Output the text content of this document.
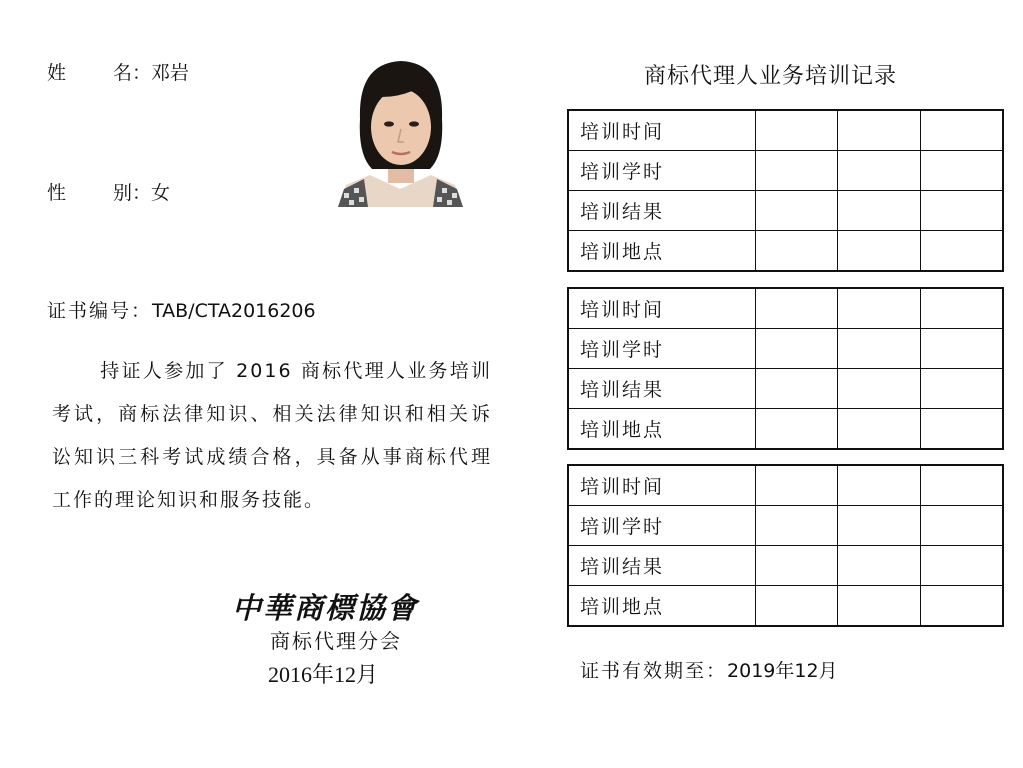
姓	名： 邓岩
性	别： 女
证书编号：TAB/CTA2016206
持证人参加了 2016 商标代理人业务培训考试，商标法律知识、相关法律知识和相关诉讼知识三科考试成绩合格，具备从事商标代理工作的理论知识和服务技能。
中華商標協會
商标代理分会
2016年12月
商标代理人业务培训记录
培训时间			
培训学时			
培训结果			
培训地点			
培训时间			
培训学时			
培训结果			
培训地点			
培训时间			
培训学时			
培训结果			
培训地点			
证书有效期至：2019年12月
